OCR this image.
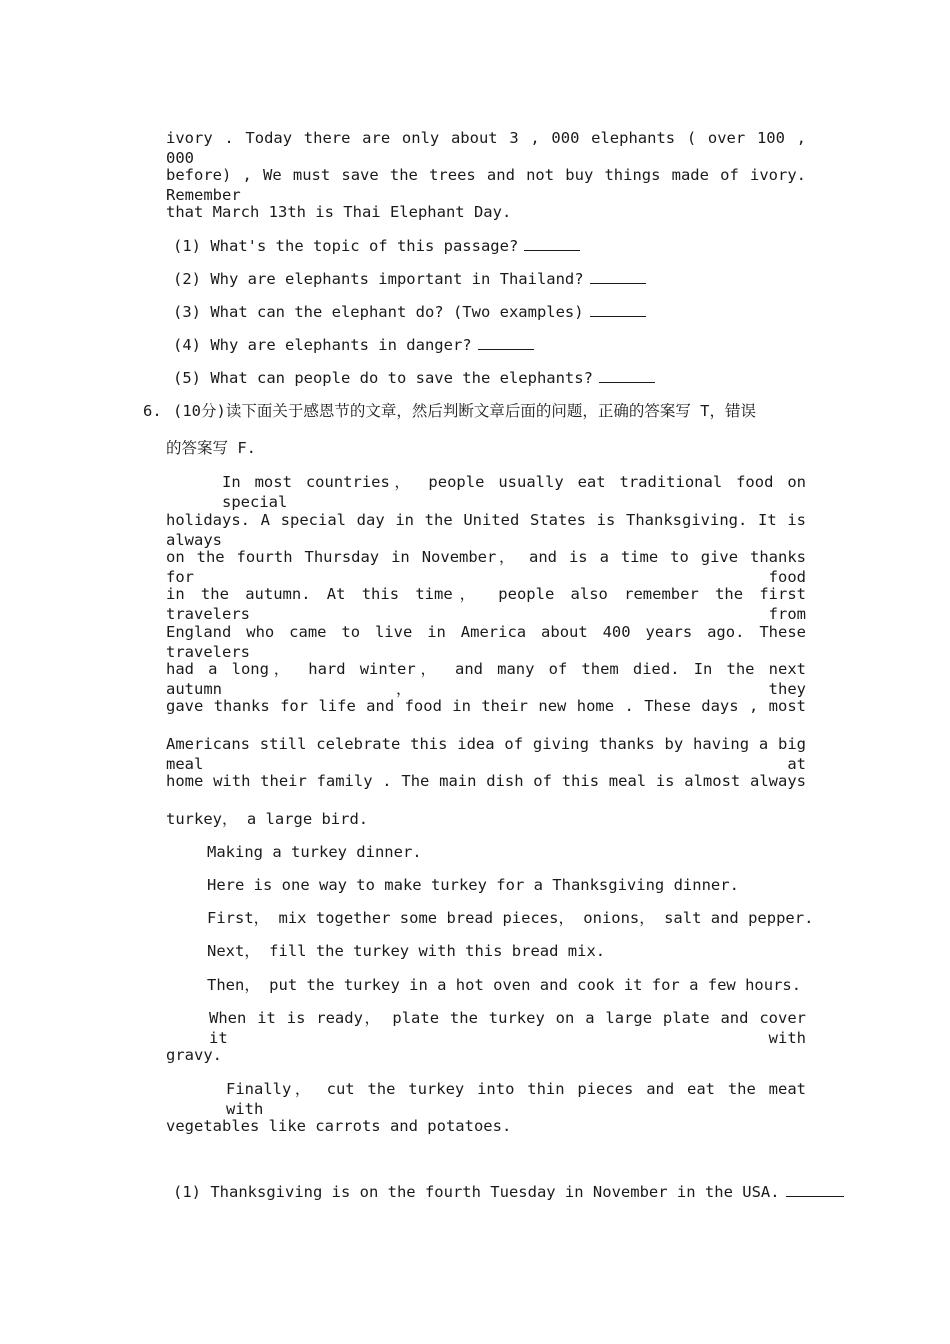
ivory . Today there are only about 3 , 000 elephants ( over 100 , 000
before) , We must save the trees and not buy things made of ivory. Remember
that March 13th is Thai Elephant Day.
(1) What's the topic of this passage?
(2) Why are elephants important in Thailand?
(3) What can the elephant do? (Two examples)
(4) Why are elephants in danger?
(5) What can people do to save the elephants?
6. (10分)读下面关于感恩节的文章，然后判断文章后面的问题，正确的答案写 T，错误
的答案写 F.
In most countries， people usually eat traditional food on special
holidays. A special day in the United States is Thanksgiving. It is always
on the fourth Thursday in November， and is a time to give thanks for food
in the autumn. At this time， people also remember the first travelers from
England who came to live in America about 400 years ago. These travelers
had a long， hard winter， and many of them died. In the next autumn， they
gave thanks for life and food in their new home . These days , most
Americans still celebrate this idea of giving thanks by having a big meal at
home with their family . The main dish of this meal is almost always
turkey， a large bird.
Making a turkey dinner.
Here is one way to make turkey for a Thanksgiving dinner.
First， mix together some bread pieces， onions， salt and pepper.
Next， fill the turkey with this bread mix.
Then， put the turkey in a hot oven and cook it for a few hours.
When it is ready， plate the turkey on a large plate and cover it with
gravy.
Finally， cut the turkey into thin pieces and eat the meat with
vegetables like carrots and potatoes.
(1) Thanksgiving is on the fourth Tuesday in November in the USA.
